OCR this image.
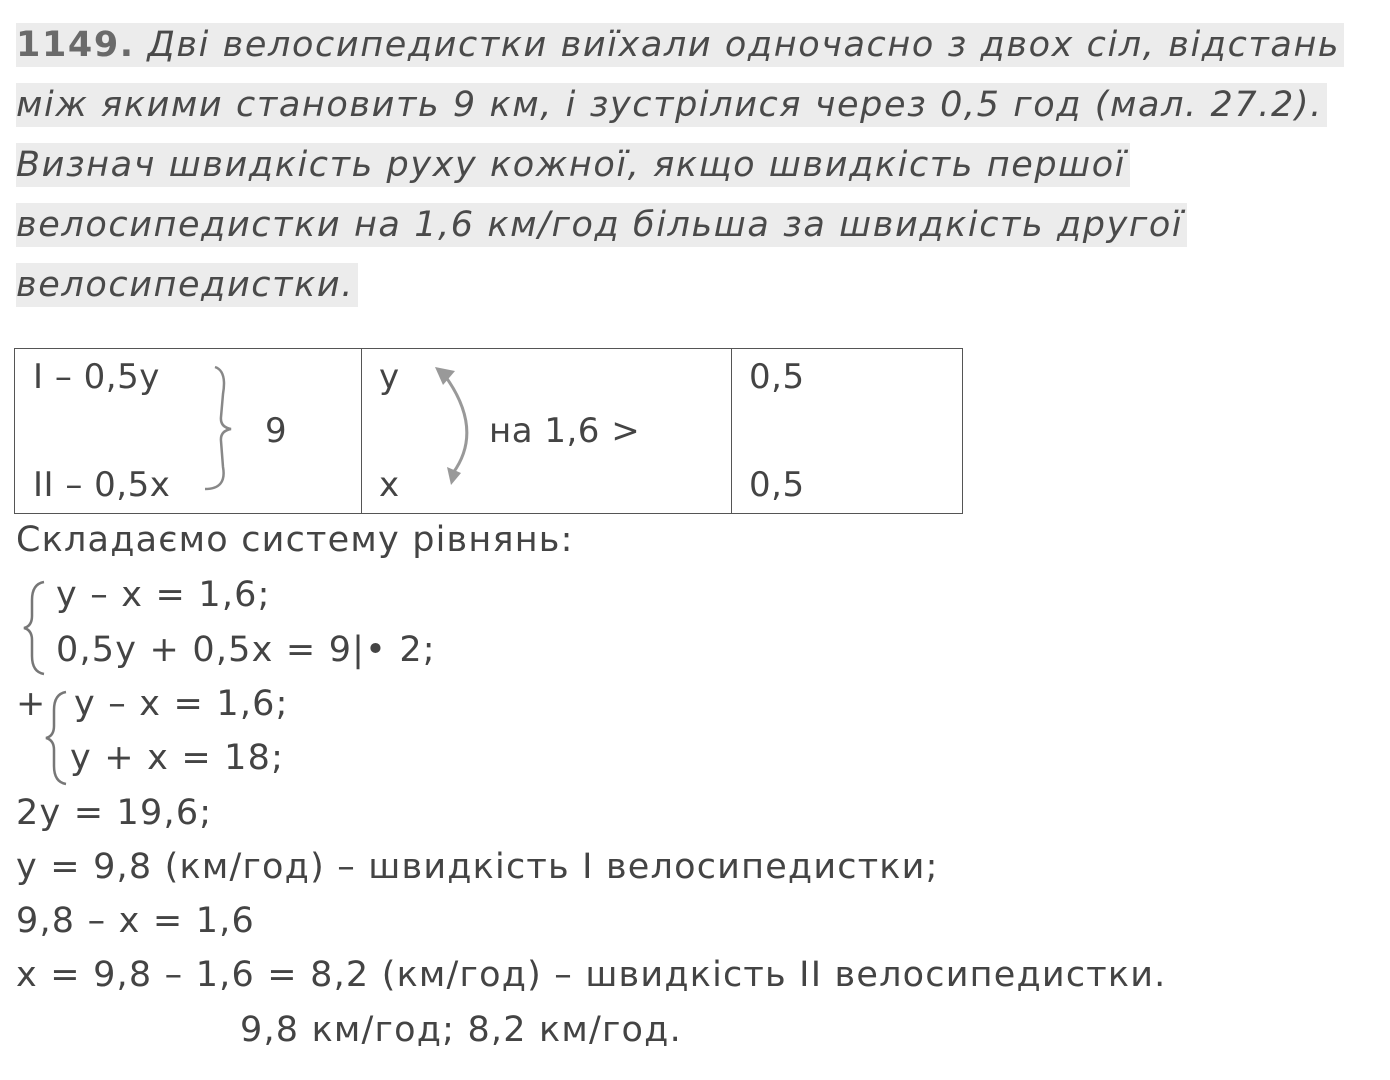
1149. Дві велосипедистки виїхали одночасно з двох сіл, відстань
між якими становить 9 км, і зустрілися через 0,5 год (мал. 27.2).
Визнач швидкість руху кожної, якщо швидкість першої
велосипедистки на 1,6 км/год більша за швидкість другої
велосипедистки.
I – 0,5y
II – 0,5x
9
y
x
на 1,6 >
0,5
0,5
Складаємо систему рівнянь:
y – x = 1,6;
0,5y + 0,5x = 9|• 2;
+ y – x = 1,6;
y + x = 18;
2y = 19,6;
y = 9,8 (км/год) – швидкість I велосипедистки;
9,8 – x = 1,6
x = 9,8 – 1,6 = 8,2 (км/год) – швидкість II велосипедистки.
9,8 км/год; 8,2 км/год.
